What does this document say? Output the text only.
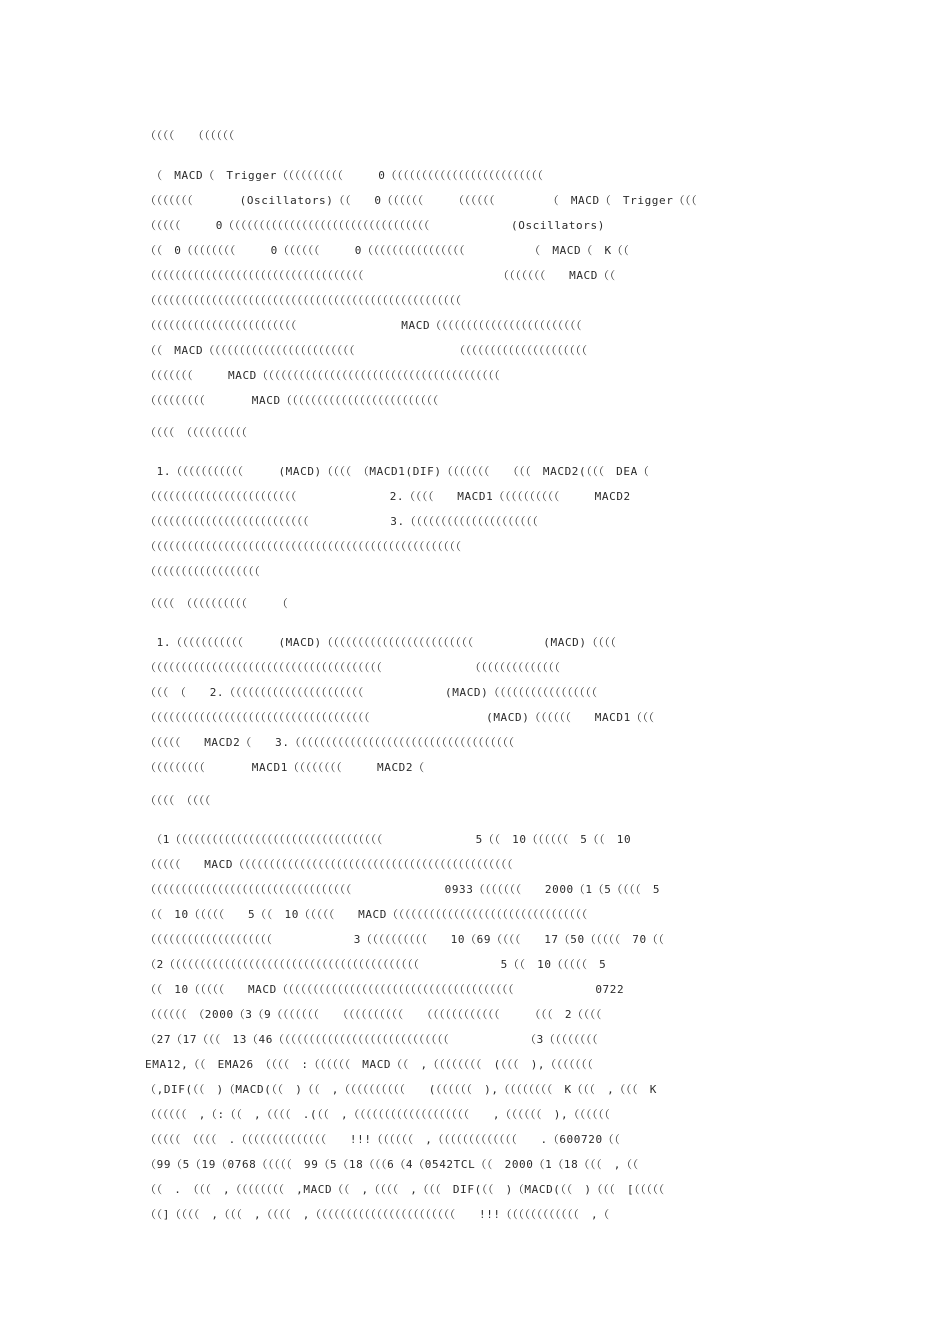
（（（（　　（（（（（（
　（　MACD（　Trigger（（（（（（（（（（　　　0（（（（（（（（（（（（（（（（（（（（（（（（（
（（（（（（（　　　　(Oscillators)（（　　0（（（（（（　　　（（（（（（　　　　　（　MACD（　Trigger（（（
（（（（（　　　0（（（（（（（（（（（（（（（（（（（（（（（（（（（（（（（（（　　　　　　　(Oscillators)
（（　0（（（（（（（（　　　0（（（（（（　　　0（（（（（（（（（（（（（（（（　　　　　　（　MACD（　K（（
（（（（（（（（（（（（（（（（（（（（（（（（（（（（（（（（（（（　　　　　　　　　　　　（（（（（（（　　MACD（（
（（（（（（（（（（（（（（（（（（（（（（（（（（（（（（（（（（（（（（（（（（（（（（（（（（（
（（（（（（（（（（（（（（（（（（（（（（（（　　　　　　　　　MACD（（（（（（（（（（（（（（（（（（（（（（（（
（（　MACD（（（（（（（（（（（（（（（（（（（（（（（（　　　　　　　　　（（（（（（（（（（（（（（（（（（（（（
（（（（（（（　　　MACD（（（（（（（（（（（（（（（（（（（（（（（（（（（（（（（（（（（（（（（
（（（（（（（（（　　　　MACD（（（（（（（（（（（（（（（（（（（（（（（（（
（（（（　（（（（（（（（（（
　1.（（（（（（（（（（（　　　(MACD)（（（（　（MACD1(DIF)（（（（（（（　　（（（　MACD2(（（（　DEA（
（（（（（（（（（（（（（（（（（（（（（（（（　　　　　　　　2.（（（（　　MACD1（（（（（（（（（（　　　MACD2
（（（（（（（（（（（（（（（（（（（（（（（（（（　　　　　　　3.（（（（（（（（（（（（（（（（（（（（（
（（（（（（（（（（（（（（（（（（（（（（（（（（（（（（（（（（（（（（（（（（（（（（（（（（（
（（（（（（（（（（（（（（（（（（
（（（（　（（（（（（（（（（　　　（
　1.（（（（（（（（（（（　　　(MACD)（（（（（（（（（（（（（（（（（（（（（（（（　　　　　　(MACD)（（（（
（（（（（（（（（（（（（（（（（（（（（（（（（（（（（（（（（（（（（（　　　　　　　　（（（（（（（（（（（（（（
（（（　（　　2.（（（（（（（（（（（（（（（（（（（（（（　　　　　　　(MACD)（（（（（（（（（（（（（（（（（
（（（（（（（（（（（（（（（（（（（（（（（（（（（（（（（（（（（（　　　　　　　　　　(MACD)（（（（（（　　MACD1（（（
（（（（（　　MACD2（　　3.（（（（（（（（（（（（（（（（（（（（（（（（（（（（（（（（（（（（
（（（（（（（（（　　　　MACD1（（（（（（（（　　　MACD2（
（（（（　（（（（
　（1（（（（（（（（（（（（（（（（（（（（（（（（（（（（（（（（（（　　　　　　　　5（（　10（（（（（（　5（（　10
（（（（（　　MACD（（（（（（（（（（（（（（（（（（（（（（（（（（（（（（（（（（（（（（（（（（（（（
（（（（（（（（（（（（（（（（（（（（（（（（（（（（（（（（（　　　　　　　　0933（（（（（（（　　2000（1（5（（（（　5
（（　10（（（（（　　5（（　10（（（（（　　MACD（（（（（（（（（（（（（（（（（（（（（（（（（（（（（（（（
（（（（（（（（（（（（（（（（（（（（　　　　　　　3（（（（（（（（（（　　10（69（（（（　　17（50（（（（（　70（（
（2（（（（（（（（（（（（（（（（（（（（（（（（（（（（（（（（（（（（（（（（（　　　　　　　5（（　10（（（（（　5
（（　10（（（（（　　MACD（（（（（（（（（（（（（（（（（（（（（（（（（（（（（（（（（（（（（（　　　　　　　0722
（（（（（（　（2000（3（9（（（（（（（　　（（（（（（（（（（　　（（（（（（（（（（（（　　　（（（　2（（（（
（27（17（（（　13（46（（（（（（（（（（（（（（（（（（（（（（（（（（（（　　　　　　　（3（（（（（（（（
EMA12,（（　EMA26　（（（（　:（（（（（（　MACD（（　,（（（（（（（（　(（（（　),（（（（（（（
（,DIF(（（　)（MACD(（（　)（（　,（（（（（（（（（（　　(（（（（（（　),（（（（（（（（　K（（（　,（（（　K
（（（（（（　,（:（（　,（（（（　.(（（　,（（（（（（（（（（（（（（（（（（（　　,（（（（（（　),（（（（（（
（（（（（　（（（（　.（（（（（（（（（（（（（（　　!!!（（（（（（　,（（（（（（（（（（（（（　　.（600720（（
（99（5（19（0768（（（（（　99（5（18（（（6（4（0542TCL（（　2000（1（18（（（　,（（
（（　.　（（（　,（（（（（（（（　,MACD（（　,（（（（　,（（（　DIF(（（　)（MACD(（（　)（（（　[（（（（（
（（]（（（（　,（（（　,（（（（　,（（（（（（（（（（（（（（（（（（（（（（（　　!!!（（（（（（（（（（（（　,（
